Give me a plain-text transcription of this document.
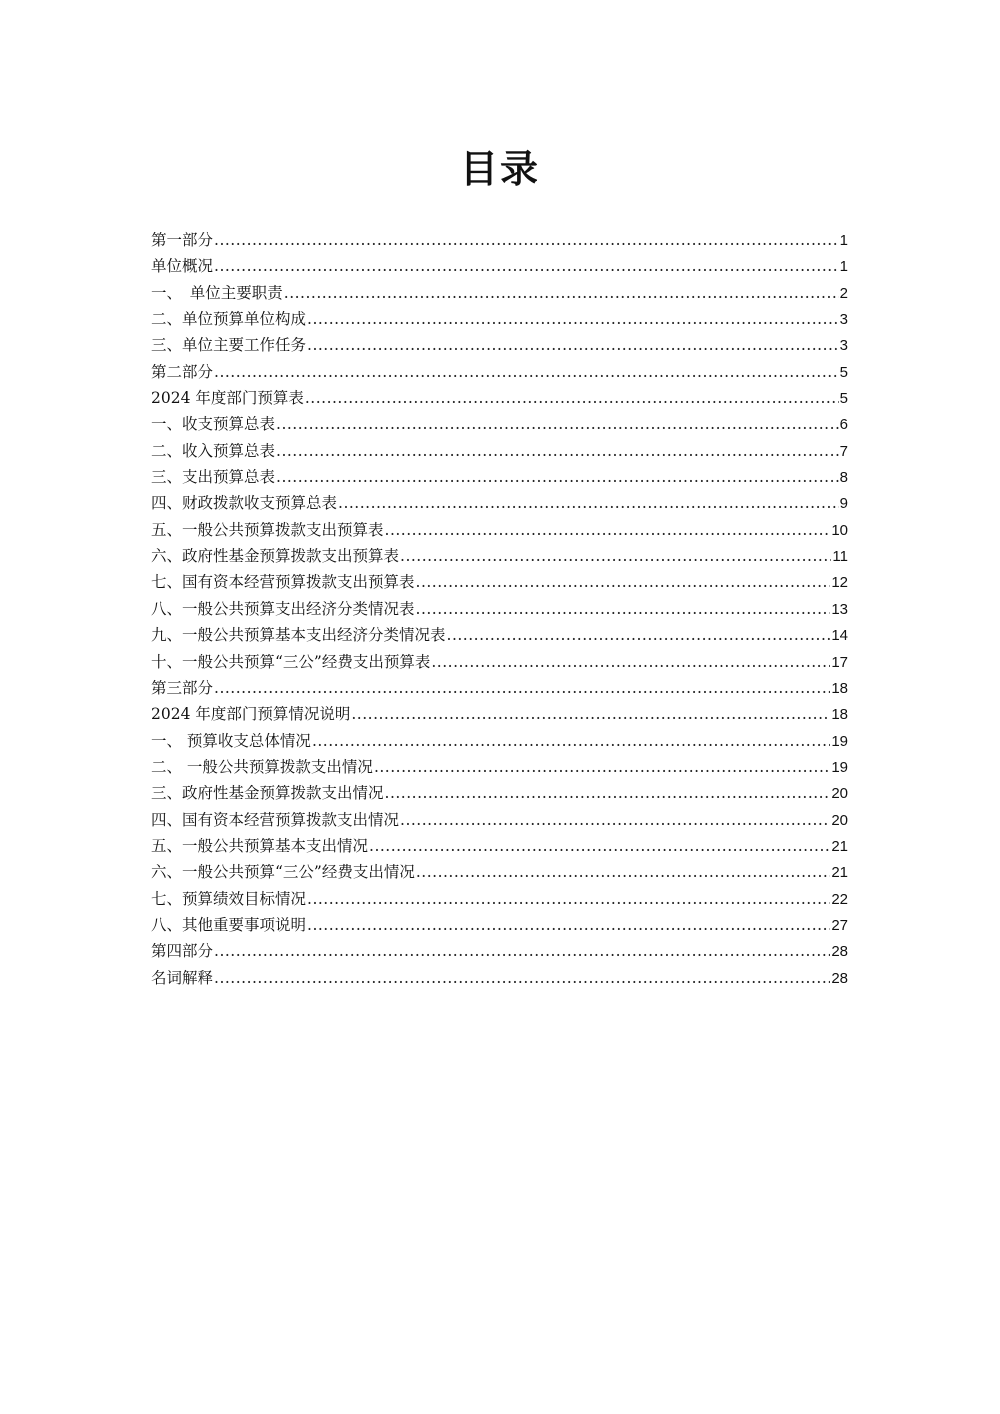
目录
第一部分 .....	1
单位概况 .....	1
一、　单位主要职责 .....	2
二、单位预算单位构成 .....	3
三、单位主要工作任务 .....	3
第二部分 .....	5
2024 年度部门预算表 .....	5
一、收支预算总表 .....	6
二、收入预算总表 .....	7
三、支出预算总表 .....	8
四、财政拨款收支预算总表 .....	9
五、一般公共预算拨款支出预算表 .....	10
六、政府性基金预算拨款支出预算表 .....	11
七、国有资本经营预算拨款支出预算表 .....	12
八、一般公共预算支出经济分类情况表 .....	13
九、一般公共预算基本支出经济分类情况表 .....	14
十、一般公共预算“三公”经费支出预算表 .....	17
第三部分 .....	18
2024 年度部门预算情况说明 .....	18
一、 预算收支总体情况 .....	19
二、 一般公共预算拨款支出情况 .....	19
三、政府性基金预算拨款支出情况 .....	20
四、国有资本经营预算拨款支出情况 .....	20
五、一般公共预算基本支出情况 .....	21
六、一般公共预算“三公”经费支出情况 .....	21
七、预算绩效目标情况 .....	22
八、其他重要事项说明 .....	27
第四部分 .....	28
名词解释 .....	28
